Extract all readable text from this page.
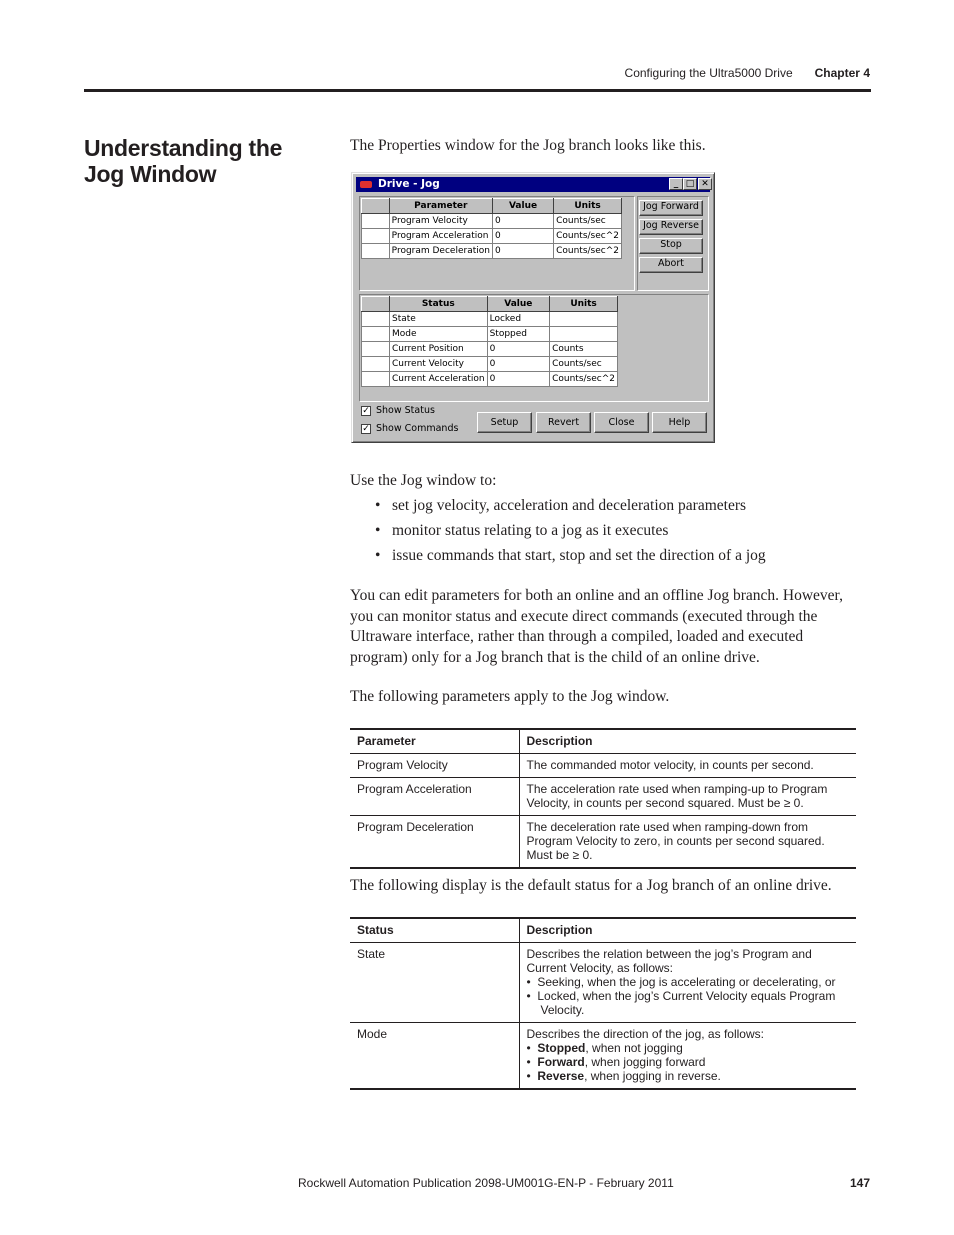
Configuring the Ultra5000 Drive Chapter 4
Understanding the Jog Window

The Properties window for the Jog branch looks like this.

Drive - Jog	_ □ ✕
	Parameter	Value	Units
	Program Velocity	0	Counts/sec
	Program Acceleration	0	Counts/sec^2
	Program Deceleration	0	Counts/sec^2
Jog Forward
Jog Reverse
Stop
Abort
	Status	Value	Units
	State	Locked	
	Mode	Stopped	
	Current Position	0	Counts
	Current Velocity	0	Counts/sec
	Current Acceleration	0	Counts/sec^2
✓ Show Status
✓ Show Commands
Setup	Revert	Close	Help

Use the Jog window to:

• set jog velocity, acceleration and deceleration parameters
• monitor status relating to a jog as it executes
• issue commands that start, stop and set the direction of a jog

You can edit parameters for both an online and an offline Jog branch. However, you can monitor status and execute direct commands (executed through the Ultraware interface, rather than through a compiled, loaded and executed program) only for a Jog branch that is the child of an online drive.

The following parameters apply to the Jog window.

Parameter	Description
Program Velocity	The commanded motor velocity, in counts per second.
Program Acceleration	The acceleration rate used when ramping-up to Program Velocity, in counts per second squared. Must be ≥ 0.
Program Deceleration	The deceleration rate used when ramping-down from Program Velocity to zero, in counts per second squared. Must be ≥ 0.

The following display is the default status for a Jog branch of an online drive.

Status	Description
State	Describes the relation between the jog’s Program and Current Velocity, as follows:
•  Seeking, when the jog is accelerating or decelerating, or
•  Locked, when the jog’s Current Velocity equals Program Velocity.

Mode	Describes the direction of the jog, as follows:
•  Stopped, when not jogging
•  Forward, when jogging forward
•  Reverse, when jogging in reverse.
Rockwell Automation Publication 2098-UM001G-EN-P - February 2011	147
